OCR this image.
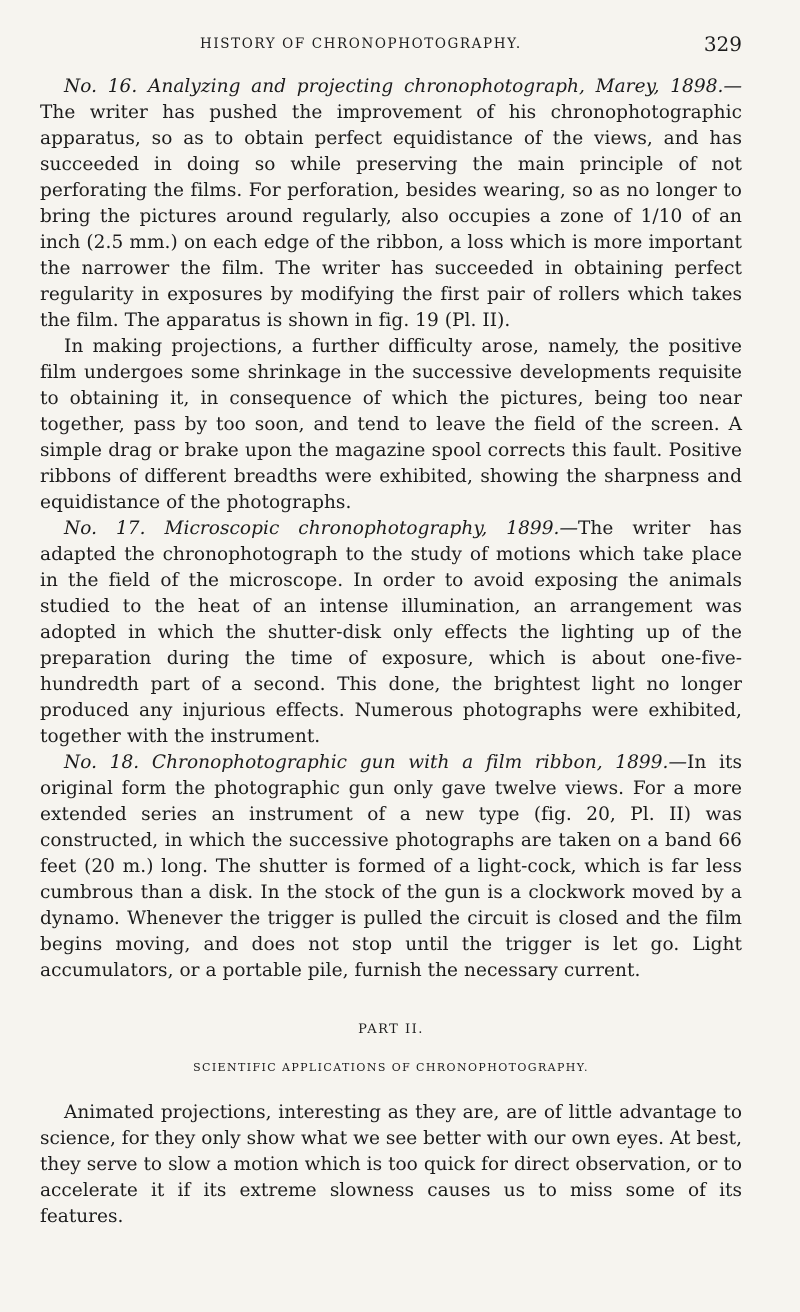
HISTORY OF CHRONOPHOTOGRAPHY.	329

No. 16. Analyzing and projecting chronophotograph, Marey, 1898.—The writer has pushed the improvement of his chronophotographic apparatus, so as to obtain perfect equidistance of the views, and has succeeded in doing so while preserving the main principle of not perforating the films. For perforation, besides wearing, so as no longer to bring the pictures around regularly, also occupies a zone of 1/10 of an inch (2.5 mm.) on each edge of the ribbon, a loss which is more important the narrower the film. The writer has succeeded in obtaining perfect regularity in exposures by modifying the first pair of rollers which takes the film. The apparatus is shown in fig. 19 (Pl. II).

In making projections, a further difficulty arose, namely, the positive film undergoes some shrinkage in the successive developments requisite to obtaining it, in consequence of which the pictures, being too near together, pass by too soon, and tend to leave the field of the screen. A simple drag or brake upon the magazine spool corrects this fault. Positive ribbons of different breadths were exhibited, showing the sharpness and equidistance of the photographs.

No. 17. Microscopic chronophotography, 1899.—The writer has adapted the chronophotograph to the study of motions which take place in the field of the microscope. In order to avoid exposing the animals studied to the heat of an intense illumination, an arrangement was adopted in which the shutter-disk only effects the lighting up of the preparation during the time of exposure, which is about one-five-hundredth part of a second. This done, the brightest light no longer produced any injurious effects. Numerous photographs were exhibited, together with the instrument.

No. 18. Chronophotographic gun with a film ribbon, 1899.—In its original form the photographic gun only gave twelve views. For a more extended series an instrument of a new type (fig. 20, Pl. II) was constructed, in which the successive photographs are taken on a band 66 feet (20 m.) long. The shutter is formed of a light-cock, which is far less cumbrous than a disk. In the stock of the gun is a clockwork moved by a dynamo. Whenever the trigger is pulled the circuit is closed and the film begins moving, and does not stop until the trigger is let go. Light accumulators, or a portable pile, furnish the necessary current.

PART II.
SCIENTIFIC APPLICATIONS OF CHRONOPHOTOGRAPHY.

Animated projections, interesting as they are, are of little advantage to science, for they only show what we see better with our own eyes. At best, they serve to slow a motion which is too quick for direct observation, or to accelerate it if its extreme slowness causes us to miss some of its features.
